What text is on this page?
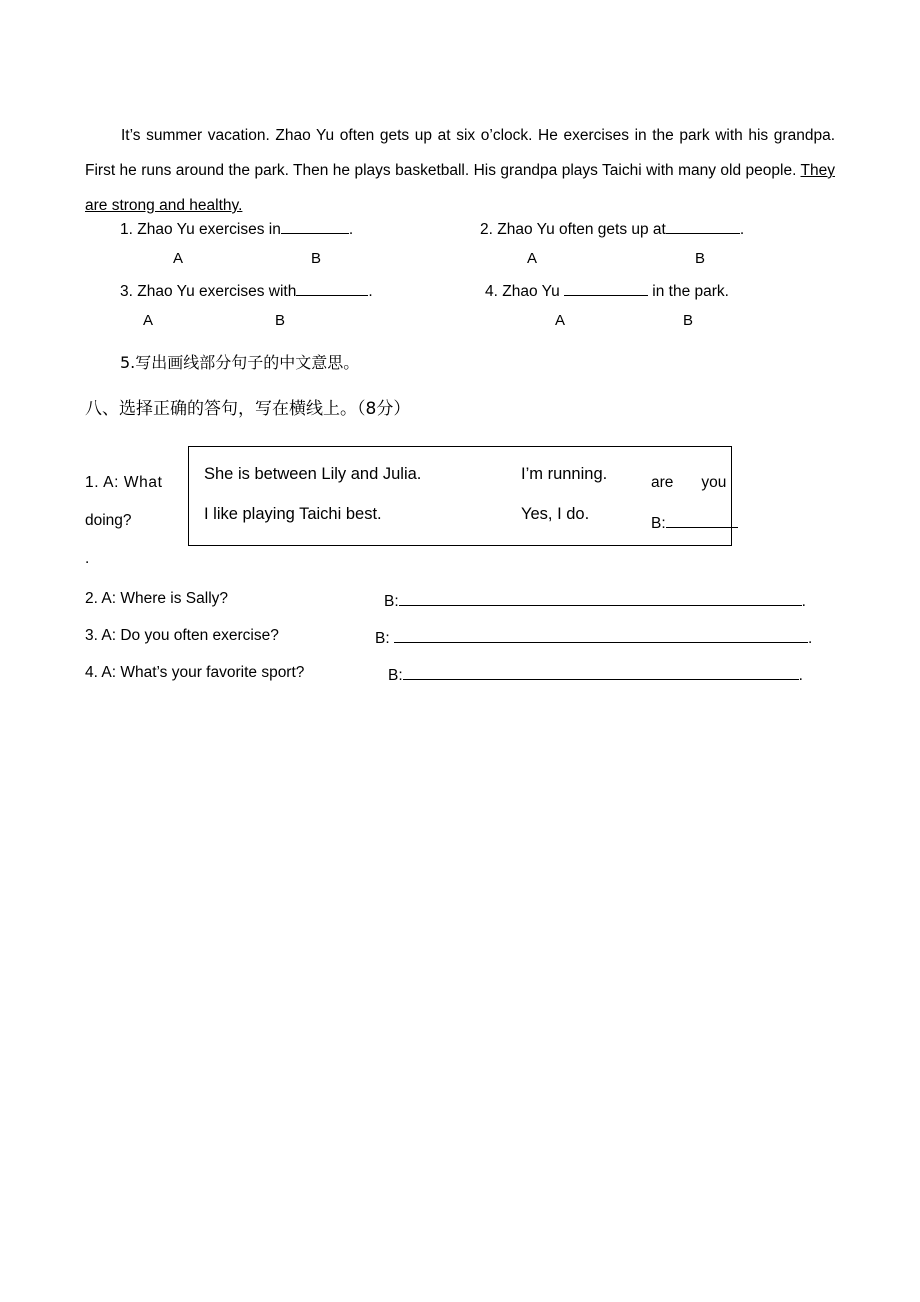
It’s summer vacation. Zhao Yu often gets up at six o’clock. He exercises in the park with his grandpa. First he runs around the park. Then he plays basketball. His grandpa plays Taichi with many old people. They are strong and healthy.
1. Zhao Yu exercises in	.	2. Zhao Yu often gets up at	.
A	B	A	B
3. Zhao Yu exercises with	.	4. Zhao Yu	in the park.
A	B	A	B
5.写出画线部分句子的中文意思。
八、选择正确的答句，写在横线上。（8分）
She is between Lily and Julia.	I’m running.
I like playing Taichi best.	Yes, I do.
1. A: What
doing?
are you
B:
.
2. A: Where is Sally?	B:	.
3. A: Do you often exercise?	B:	.
4. A: What’s your favorite sport?	B:	.
